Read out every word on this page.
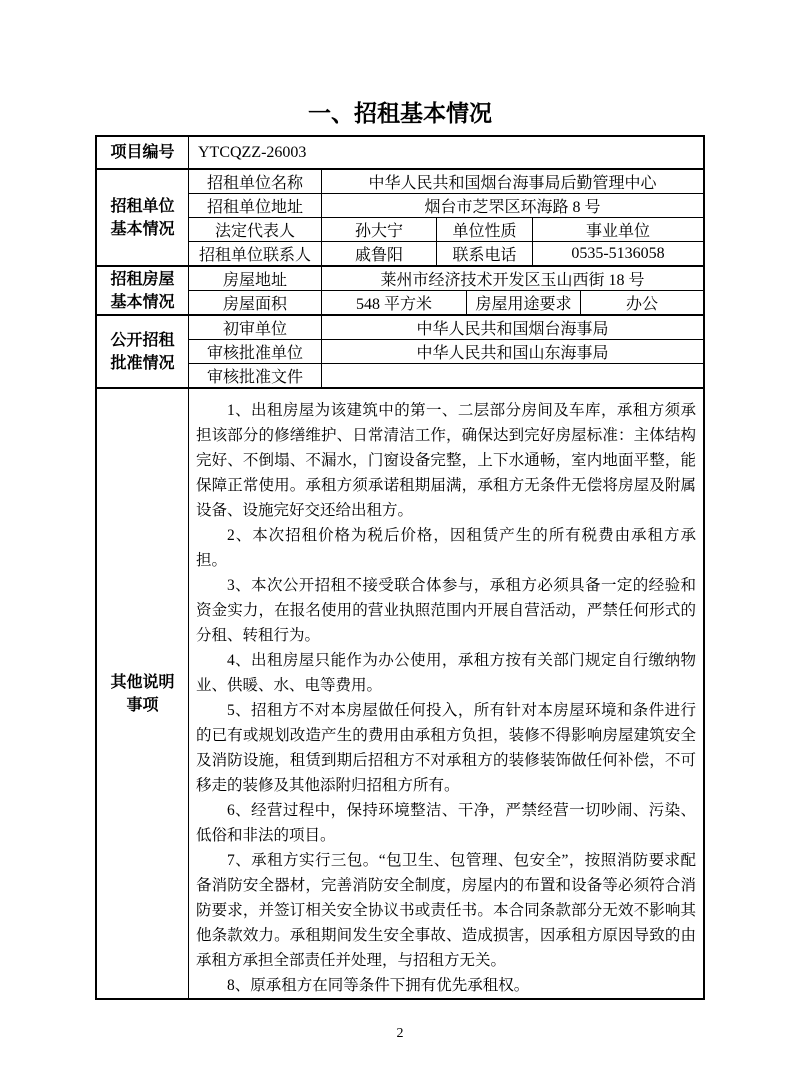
一、招租基本情况
项目编号	YTCQZZ-26003
招租单位
基本情况
招租单位名称	中华人民共和国烟台海事局后勤管理中心
招租单位地址	烟台市芝罘区环海路 8 号
法定代表人	孙大宁	单位性质	事业单位
招租单位联系人	戚鲁阳	联系电话	0535-5136058
招租房屋
基本情况
房屋地址	莱州市经济技术开发区玉山西街 18 号
房屋面积	548 平方米	房屋用途要求	办公
公开招租
批准情况
初审单位	中华人民共和国烟台海事局
审核批准单位	中华人民共和国山东海事局
审核批准文件
其他说明
事项

1、出租房屋为该建筑中的第一、二层部分房间及车库，承租方须承担该部分的修缮维护、日常清洁工作，确保达到完好房屋标准：主体结构完好、不倒塌、不漏水，门窗设备完整，上下水通畅，室内地面平整，能保障正常使用。承租方须承诺租期届满，承租方无条件无偿将房屋及附属设备、设施完好交还给出租方。

2、本次招租价格为税后价格，因租赁产生的所有税费由承租方承担。

3、本次公开招租不接受联合体参与，承租方必须具备一定的经验和资金实力，在报名使用的营业执照范围内开展自营活动，严禁任何形式的分租、转租行为。

4、出租房屋只能作为办公使用，承租方按有关部门规定自行缴纳物业、供暖、水、电等费用。

5、招租方不对本房屋做任何投入，所有针对本房屋环境和条件进行的已有或规划改造产生的费用由承租方负担，装修不得影响房屋建筑安全及消防设施，租赁到期后招租方不对承租方的装修装饰做任何补偿，不可移走的装修及其他添附归招租方所有。

6、经营过程中，保持环境整洁、干净，严禁经营一切吵闹、污染、低俗和非法的项目。

7、承租方实行三包。“包卫生、包管理、包安全”，按照消防要求配备消防安全器材，完善消防安全制度，房屋内的布置和设备等必须符合消防要求，并签订相关安全协议书或责任书。本合同条款部分无效不影响其他条款效力。承租期间发生安全事故、造成损害，因承租方原因导致的由承租方承担全部责任并处理，与招租方无关。

8、原承租方在同等条件下拥有优先承租权。

2
